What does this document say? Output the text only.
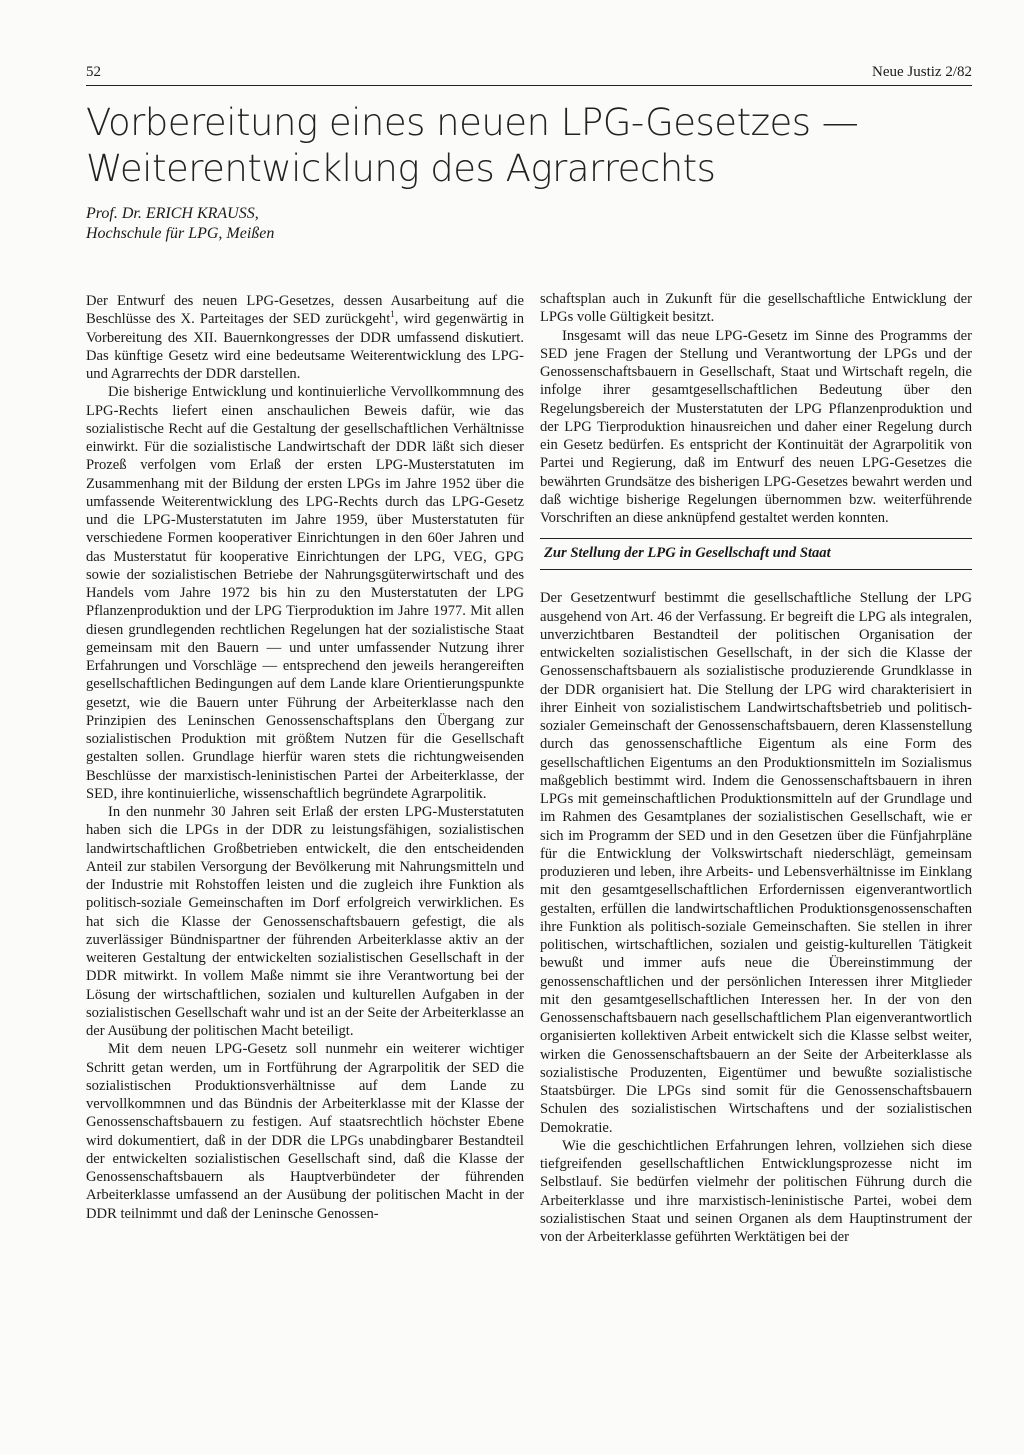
52	Neue Justiz 2/82
Vorbereitung eines neuen LPG-Gesetzes —
Weiterentwicklung des Agrarrechts
Prof. Dr. ERICH KRAUSS,
Hochschule für LPG, Meißen

Der Entwurf des neuen LPG-Gesetzes, dessen Ausarbeitung auf die Beschlüsse des X. Parteitages der SED zurückgeht$^1$, wird gegenwärtig in Vorbereitung des XII. Bauernkongresses der DDR umfassend diskutiert. Das künftige Gesetz wird eine bedeutsame Weiterentwicklung des LPG- und Agrarrechts der DDR darstellen.

Die bisherige Entwicklung und kontinuierliche Vervollkommnung des LPG-Rechts liefert einen anschaulichen Beweis dafür, wie das sozialistische Recht auf die Gestaltung der gesellschaftlichen Verhältnisse einwirkt. Für die sozialistische Landwirtschaft der DDR läßt sich dieser Prozeß verfolgen vom Erlaß der ersten LPG-Musterstatuten im Zusammenhang mit der Bildung der ersten LPGs im Jahre 1952 über die umfassende Weiterentwicklung des LPG-Rechts durch das LPG-Gesetz und die LPG-Musterstatuten im Jahre 1959, über Musterstatuten für verschiedene Formen kooperativer Einrichtungen in den 60er Jahren und das Musterstatut für kooperative Einrichtungen der LPG, VEG, GPG sowie der sozialistischen Betriebe der Nahrungsgüterwirtschaft und des Handels vom Jahre 1972 bis hin zu den Musterstatuten der LPG Pflanzenproduktion und der LPG Tierproduktion im Jahre 1977. Mit allen diesen grundlegenden rechtlichen Regelungen hat der sozialistische Staat gemeinsam mit den Bauern — und unter umfassender Nutzung ihrer Erfahrungen und Vorschläge — entsprechend den jeweils herangereiften gesellschaftlichen Bedingungen auf dem Lande klare Orientierungspunkte gesetzt, wie die Bauern unter Führung der Arbeiterklasse nach den Prinzipien des Leninschen Genossenschaftsplans den Übergang zur sozialistischen Produktion mit größtem Nutzen für die Gesellschaft gestalten sollen. Grundlage hierfür waren stets die richtungweisenden Beschlüsse der marxistisch-leninistischen Partei der Arbeiterklasse, der SED, ihre kontinuierliche, wissenschaftlich begründete Agrarpolitik.

In den nunmehr 30 Jahren seit Erlaß der ersten LPG-Musterstatuten haben sich die LPGs in der DDR zu leistungsfähigen, sozialistischen landwirtschaftlichen Großbetrieben entwickelt, die den entscheidenden Anteil zur stabilen Versorgung der Bevölkerung mit Nahrungsmitteln und der Industrie mit Rohstoffen leisten und die zugleich ihre Funktion als politisch-soziale Gemeinschaften im Dorf erfolgreich verwirklichen. Es hat sich die Klasse der Genossenschaftsbauern gefestigt, die als zuverlässiger Bündnispartner der führenden Arbeiterklasse aktiv an der weiteren Gestaltung der entwickelten sozialistischen Gesellschaft in der DDR mitwirkt. In vollem Maße nimmt sie ihre Verantwortung bei der Lösung der wirtschaftlichen, sozialen und kulturellen Aufgaben in der sozialistischen Gesellschaft wahr und ist an der Seite der Arbeiterklasse an der Ausübung der politischen Macht beteiligt.

Mit dem neuen LPG-Gesetz soll nunmehr ein weiterer wichtiger Schritt getan werden, um in Fortführung der Agrarpolitik der SED die sozialistischen Produktionsverhältnisse auf dem Lande zu vervollkommnen und das Bündnis der Arbeiterklasse mit der Klasse der Genossenschaftsbauern zu festigen. Auf staatsrechtlich höchster Ebene wird dokumentiert, daß in der DDR die LPGs unabdingbarer Bestandteil der entwickelten sozialistischen Gesellschaft sind, daß die Klasse der Genossenschaftsbauern als Hauptverbündeter der führenden Arbeiterklasse umfassend an der Ausübung der politischen Macht in der DDR teilnimmt und daß der Leninsche Genossen-

schaftsplan auch in Zukunft für die gesellschaftliche Entwicklung der LPGs volle Gültigkeit besitzt.

Insgesamt will das neue LPG-Gesetz im Sinne des Programms der SED jene Fragen der Stellung und Verantwortung der LPGs und der Genossenschaftsbauern in Gesellschaft, Staat und Wirtschaft regeln, die infolge ihrer gesamtgesellschaftlichen Bedeutung über den Regelungsbereich der Musterstatuten der LPG Pflanzenproduktion und der LPG Tierproduktion hinausreichen und daher einer Regelung durch ein Gesetz bedürfen. Es entspricht der Kontinuität der Agrarpolitik von Partei und Regierung, daß im Entwurf des neuen LPG-Gesetzes die bewährten Grundsätze des bisherigen LPG-Gesetzes bewahrt werden und daß wichtige bisherige Regelungen übernommen bzw. weiterführende Vorschriften an diese anknüpfend gestaltet werden konnten.

Zur Stellung der LPG in Gesellschaft und Staat

Der Gesetzentwurf bestimmt die gesellschaftliche Stellung der LPG ausgehend von Art. 46 der Verfassung. Er begreift die LPG als integralen, unverzichtbaren Bestandteil der politischen Organisation der entwickelten sozialistischen Gesellschaft, in der sich die Klasse der Genossenschaftsbauern als sozialistische produzierende Grundklasse in der DDR organisiert hat. Die Stellung der LPG wird charakterisiert in ihrer Einheit von sozialistischem Landwirtschaftsbetrieb und politisch-sozialer Gemeinschaft der Genossenschaftsbauern, deren Klassenstellung durch das genossenschaftliche Eigentum als eine Form des gesellschaftlichen Eigentums an den Produktionsmitteln im Sozialismus maßgeblich bestimmt wird. Indem die Genossenschaftsbauern in ihren LPGs mit gemeinschaftlichen Produktionsmitteln auf der Grundlage und im Rahmen des Gesamtplanes der sozialistischen Gesellschaft, wie er sich im Programm der SED und in den Gesetzen über die Fünfjahrpläne für die Entwicklung der Volkswirtschaft niederschlägt, gemeinsam produzieren und leben, ihre Arbeits- und Lebensverhältnisse im Einklang mit den gesamtgesellschaftlichen Erfordernissen eigenverantwortlich gestalten, erfüllen die landwirtschaftlichen Produktionsgenossenschaften ihre Funktion als politisch-soziale Gemeinschaften. Sie stellen in ihrer politischen, wirtschaftlichen, sozialen und geistig-kulturellen Tätigkeit bewußt und immer aufs neue die Übereinstimmung der genossenschaftlichen und der persönlichen Interessen ihrer Mitglieder mit den gesamtgesellschaftlichen Interessen her. In der von den Genossenschaftsbauern nach gesellschaftlichem Plan eigenverantwortlich organisierten kollektiven Arbeit entwickelt sich die Klasse selbst weiter, wirken die Genossenschaftsbauern an der Seite der Arbeiterklasse als sozialistische Produzenten, Eigentümer und bewußte sozialistische Staatsbürger. Die LPGs sind somit für die Genossenschaftsbauern Schulen des sozialistischen Wirtschaftens und der sozialistischen Demokratie.

Wie die geschichtlichen Erfahrungen lehren, vollziehen sich diese tiefgreifenden gesellschaftlichen Entwicklungsprozesse nicht im Selbstlauf. Sie bedürfen vielmehr der politischen Führung durch die Arbeiterklasse und ihre marxistisch-leninistische Partei, wobei dem sozialistischen Staat und seinen Organen als dem Hauptinstrument der von der Arbeiterklasse geführten Werktätigen bei der
